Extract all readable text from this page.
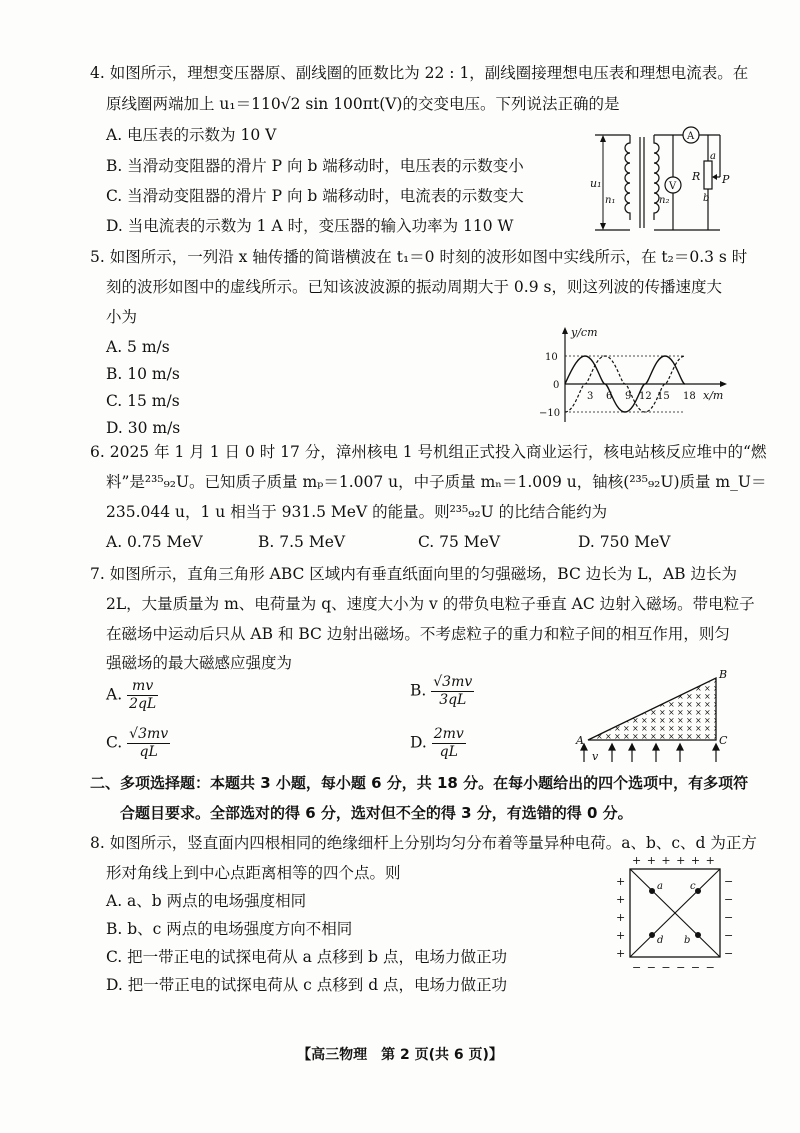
4. 如图所示，理想变压器原、副线圈的匝数比为 22 : 1，副线圈接理想电压表和理想电流表。在
原线圈两端加上 u₁＝110√2 sin 100πt(V)的交变电压。下列说法正确的是
A. 电压表的示数为 10 V
B. 当滑动变阻器的滑片 P 向 b 端移动时，电压表的示数变小
C. 当滑动变阻器的滑片 P 向 b 端移动时，电流表的示数变大
D. 当电流表的示数为 1 A 时，变压器的输入功率为 110 W
u₁
n₁	n₂
A
V
R
a
b
P
5. 如图所示，一列沿 x 轴传播的简谐横波在 t₁＝0 时刻的波形如图中实线所示，在 t₂＝0.3 s 时
刻的波形如图中的虚线所示。已知该波波源的振动周期大于 0.9 s，则这列波的传播速度大
小为
A. 5 m/s
B. 10 m/s
C. 15 m/s
D. 30 m/s
y/cm
x/m
10
0
−10
3 6 9 12 15 18
6. 2025 年 1 月 1 日 0 时 17 分，漳州核电 1 号机组正式投入商业运行，核电站核反应堆中的“燃
料”是²³⁵₉₂U。已知质子质量 mₚ＝1.007 u，中子质量 mₙ＝1.009 u，铀核(²³⁵₉₂U)质量 m_U＝
235.044 u，1 u 相当于 931.5 MeV 的能量。则²³⁵₉₂U 的比结合能约为
A. 0.75 MeV	B. 7.5 MeV	C. 75 MeV	D. 750 MeV
7. 如图所示，直角三角形 ABC 区域内有垂直纸面向里的匀强磁场，BC 边长为 L，AB 边长为
2L，大量质量为 m、电荷量为 q、速度大小为 v 的带负电粒子垂直 AC 边射入磁场。带电粒子
在磁场中运动后只从 AB 和 BC 边射出磁场。不考虑粒子的重力和粒子间的相互作用，则匀
强磁场的最大磁感应强度为
A. $\frac{mv}{2qL}$	B. $\frac{√3mv}{3qL}$
C. $\frac{√3mv}{qL}$	D. $\frac{2mv}{qL}$	A
B
C
v
二、多项选择题：本题共 3 小题，每小题 6 分，共 18 分。在每小题给出的四个选项中，有多项符
合题目要求。全部选对的得 6 分，选对但不全的得 3 分，有选错的得 0 分。
8. 如图所示，竖直面内四根相同的绝缘细杆上分别均匀分布着等量异种电荷。a、b、c、d 为正方
形对角线上到中心点距离相等的四个点。则
A. a、b 两点的电场强度相同
B. b、c 两点的电场强度方向不相同
C. 把一带正电的试探电荷从 a 点移到 b 点，电场力做正功
D. 把一带正电的试探电荷从 c 点移到 d 点，电场力做正功
+ + + + + +
− − − − − −
+
+
+
+
+
−
−
−
−
−
a	c
d b
【高三物理　第 2 页(共 6 页)】
